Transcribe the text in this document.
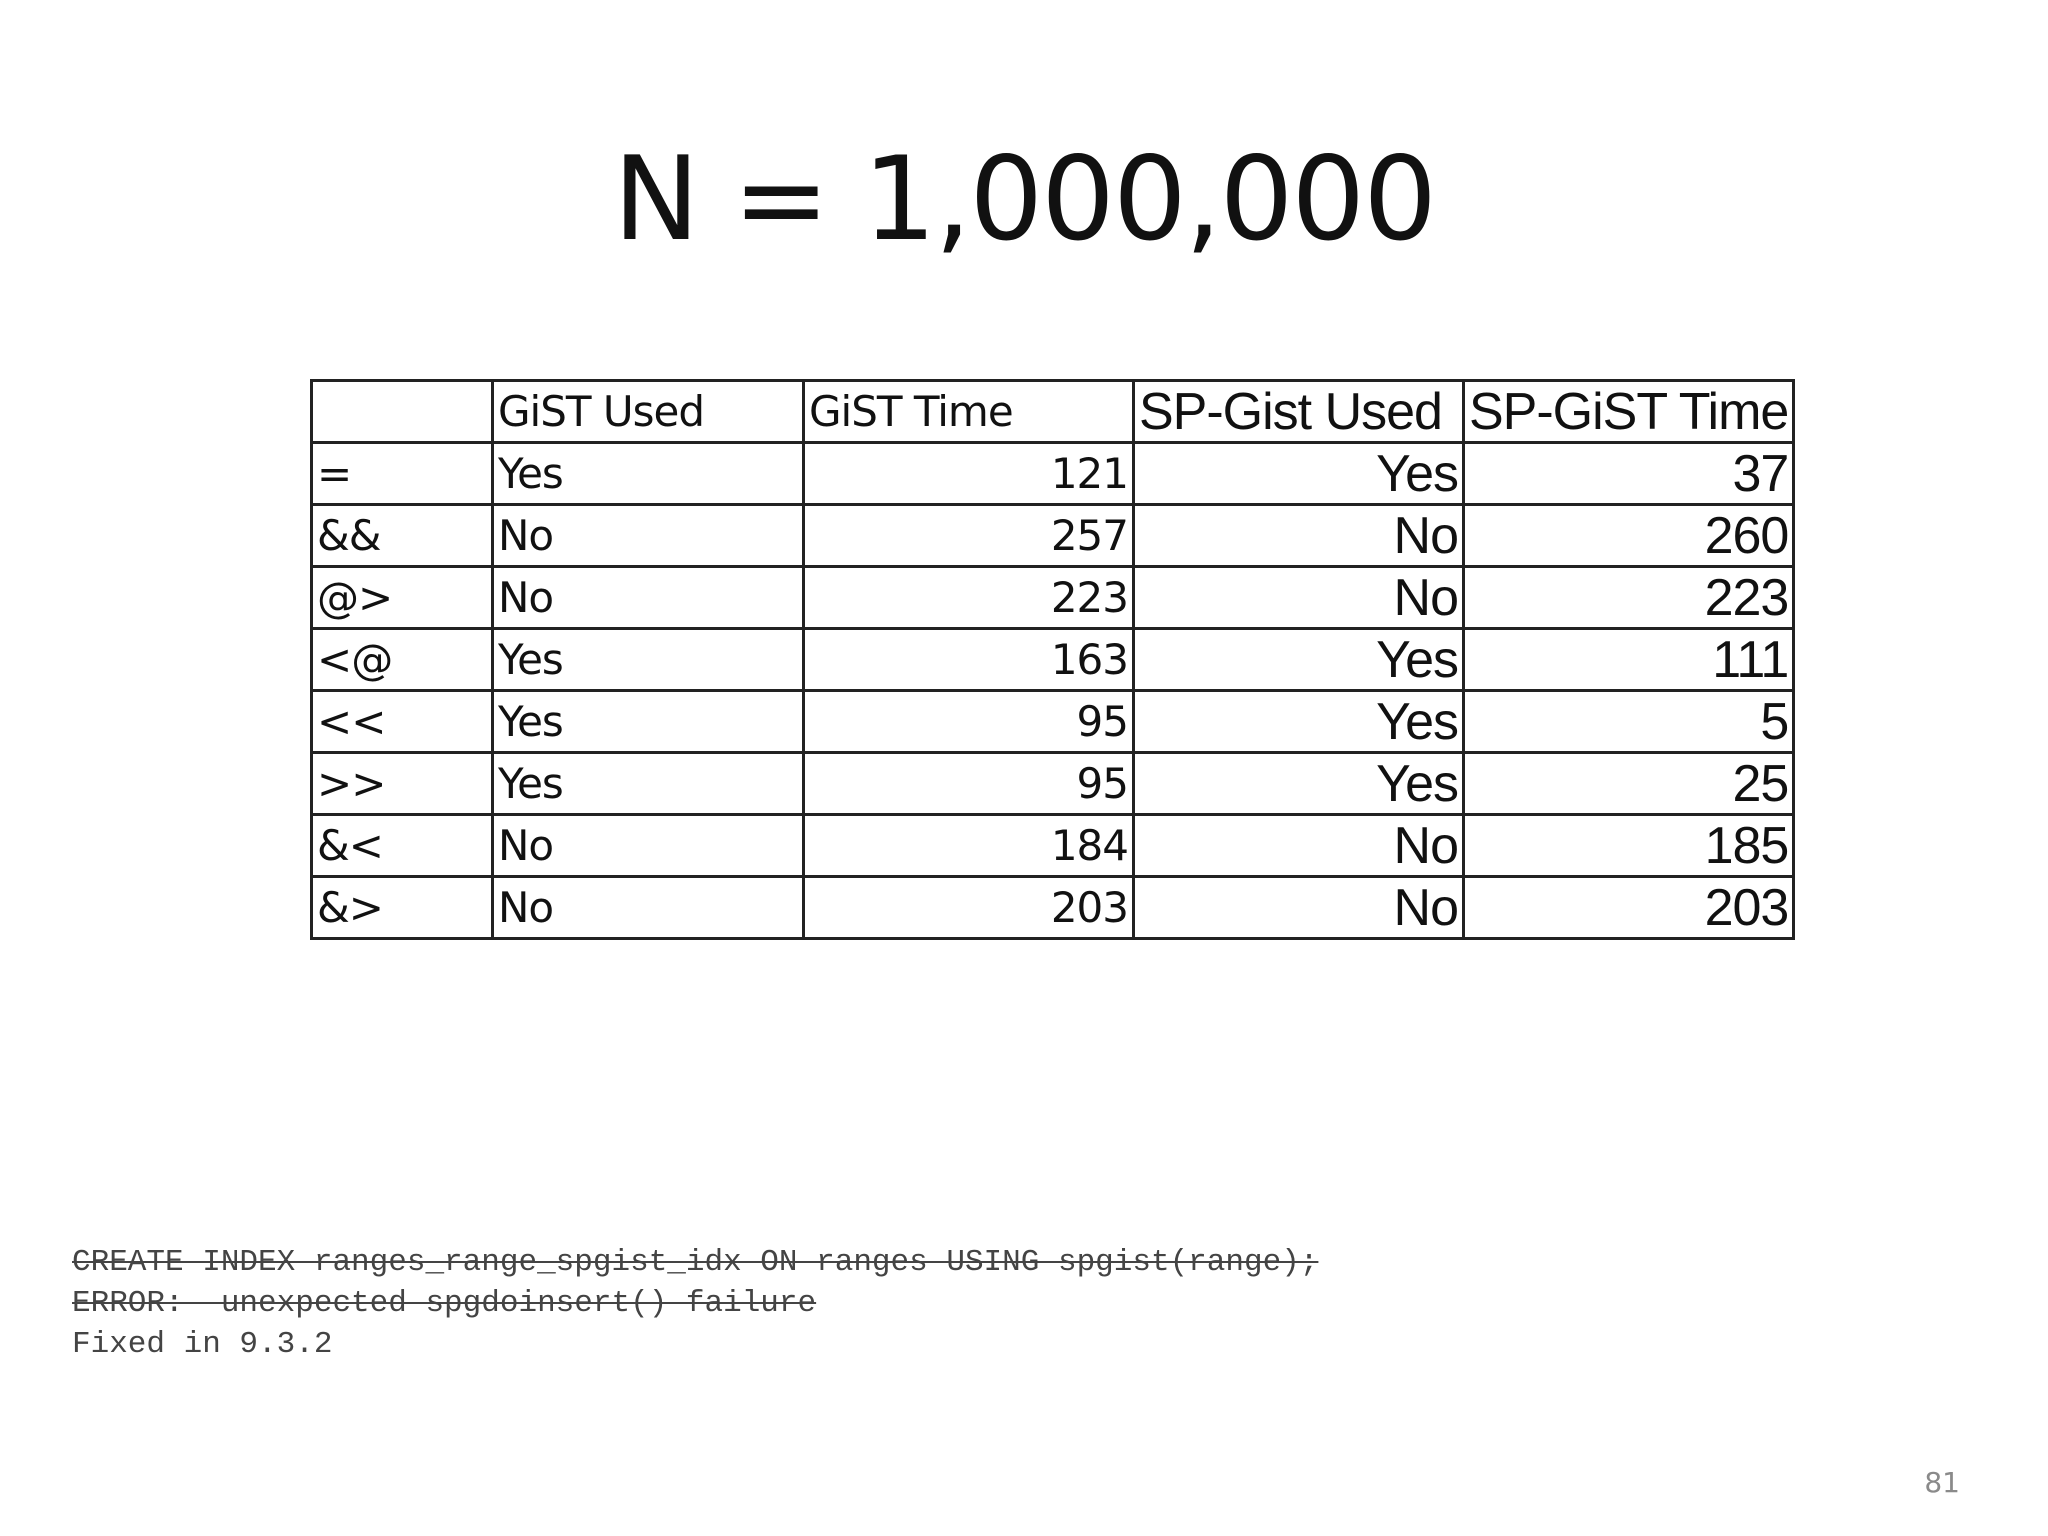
N = 1,000,000
	GiST Used	GiST Time	SP-Gist Used	SP-GiST Time
=	Yes	121	Yes	37
&&	No	257	No	260
@>	No	223	No	223
<@	Yes	163	Yes	111
<<	Yes	95	Yes	5
>>	Yes	95	Yes	25
&<	No	184	No	185
&>	No	203	No	203
CREATE INDEX ranges_range_spgist_idx ON ranges USING spgist(range);
ERROR:  unexpected spgdoinsert() failure
Fixed in 9.3.2
81
